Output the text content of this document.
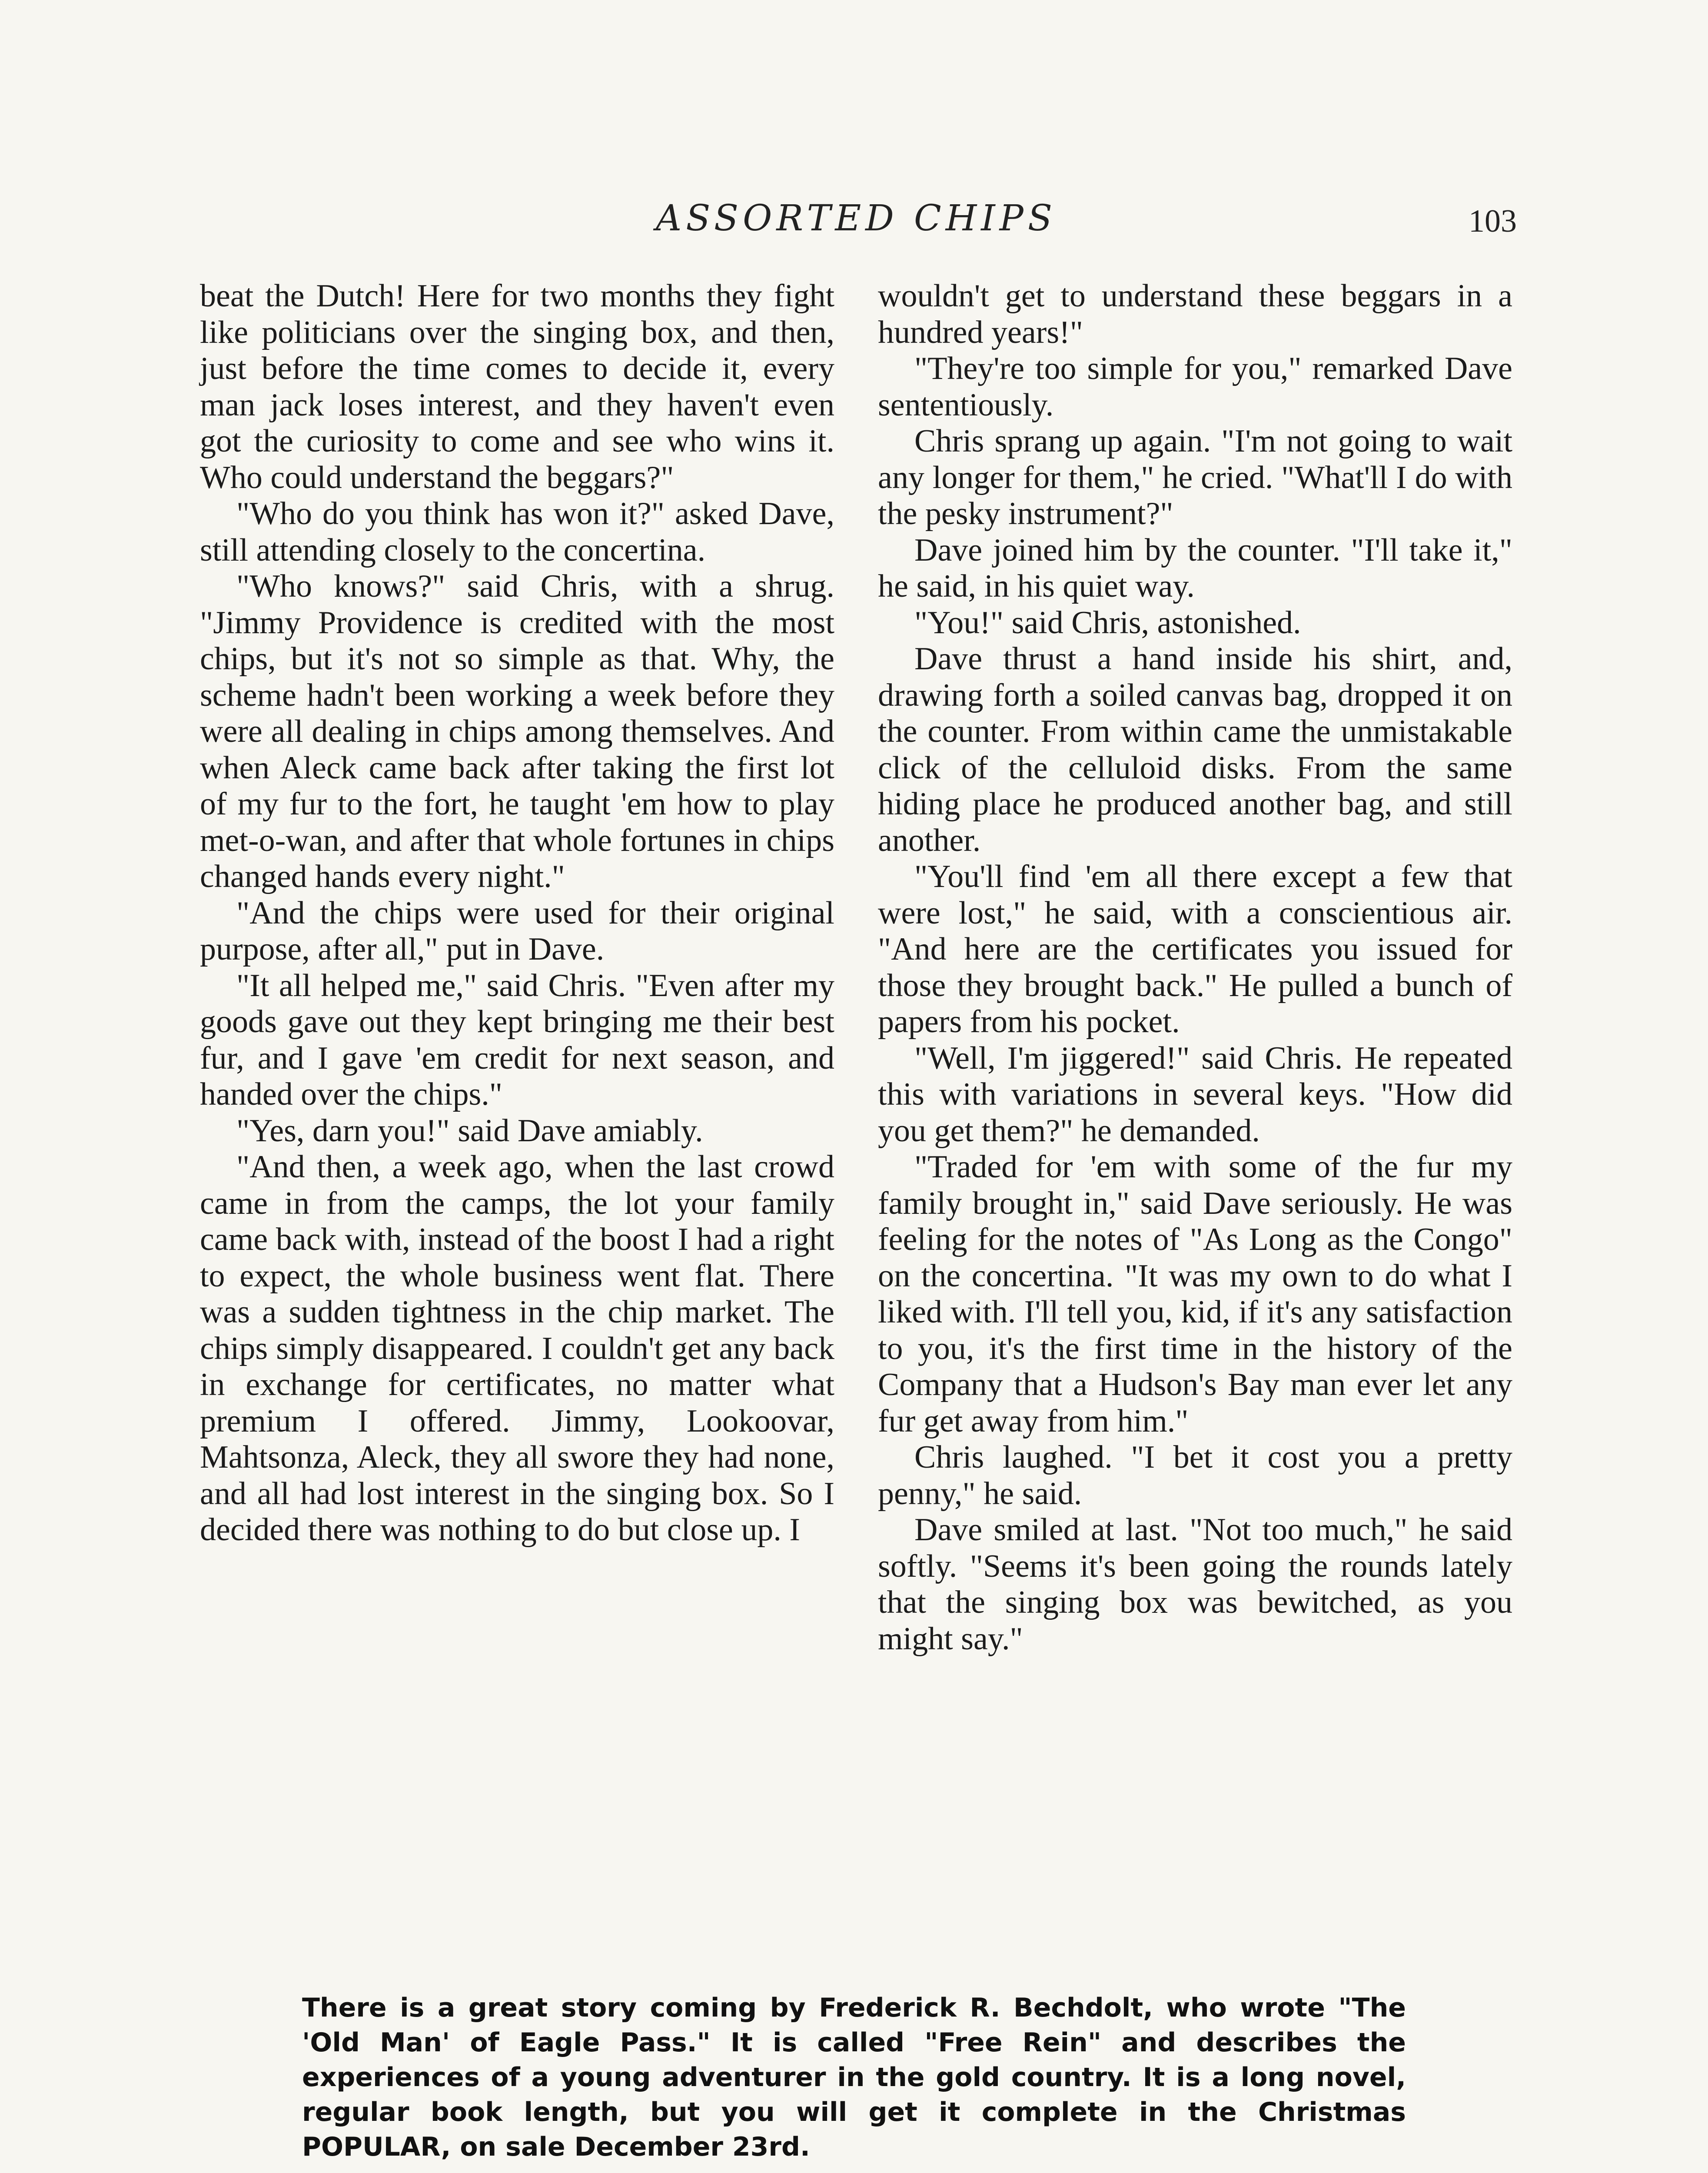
ASSORTED CHIPS	103

beat the Dutch! Here for two months they fight like politicians over the singing box, and then, just before the time comes to decide it, every man jack loses interest, and they haven't even got the curiosity to come and see who wins it. Who could understand the beggars?"

"Who do you think has won it?" asked Dave, still attending closely to the concertina.

"Who knows?" said Chris, with a shrug. "Jimmy Providence is credited with the most chips, but it's not so simple as that. Why, the scheme hadn't been working a week before they were all dealing in chips among themselves. And when Aleck came back after taking the first lot of my fur to the fort, he taught 'em how to play met-o-wan, and after that whole fortunes in chips changed hands every night."

"And the chips were used for their original purpose, after all," put in Dave.

"It all helped me," said Chris. "Even after my goods gave out they kept bringing me their best fur, and I gave 'em credit for next season, and handed over the chips."

"Yes, darn you!" said Dave amiably.

"And then, a week ago, when the last crowd came in from the camps, the lot your family came back with, instead of the boost I had a right to expect, the whole business went flat. There was a sudden tightness in the chip market. The chips simply disappeared. I couldn't get any back in exchange for certificates, no matter what premium I offered. Jimmy, Lookoovar, Mahtsonza, Aleck, they all swore they had none, and all had lost interest in the singing box. So I decided there was nothing to do but close up. I

wouldn't get to understand these beggars in a hundred years!"

"They're too simple for you," remarked Dave sententiously.

Chris sprang up again. "I'm not going to wait any longer for them," he cried. "What'll I do with the pesky instrument?"

Dave joined him by the counter. "I'll take it," he said, in his quiet way.

"You!" said Chris, astonished.

Dave thrust a hand inside his shirt, and, drawing forth a soiled canvas bag, dropped it on the counter. From within came the unmistakable click of the celluloid disks. From the same hiding place he produced another bag, and still another.

"You'll find 'em all there except a few that were lost," he said, with a conscientious air. "And here are the certificates you issued for those they brought back." He pulled a bunch of papers from his pocket.

"Well, I'm jiggered!" said Chris. He repeated this with variations in several keys. "How did you get them?" he demanded.

"Traded for 'em with some of the fur my family brought in," said Dave seriously. He was feeling for the notes of "As Long as the Congo" on the concertina. "It was my own to do what I liked with. I'll tell you, kid, if it's any satisfaction to you, it's the first time in the history of the Company that a Hudson's Bay man ever let any fur get away from him."

Chris laughed. "I bet it cost you a pretty penny," he said.

Dave smiled at last. "Not too much," he said softly. "Seems it's been going the rounds lately that the singing box was bewitched, as you might say."

There is a great story coming by Frederick R. Bechdolt, who wrote "The 'Old Man' of Eagle Pass." It is called "Free Rein" and describes the experiences of a young adventurer in the gold country. It is a long novel, regular book length, but you will get it complete in the Christmas POPULAR, on sale December 23rd.
